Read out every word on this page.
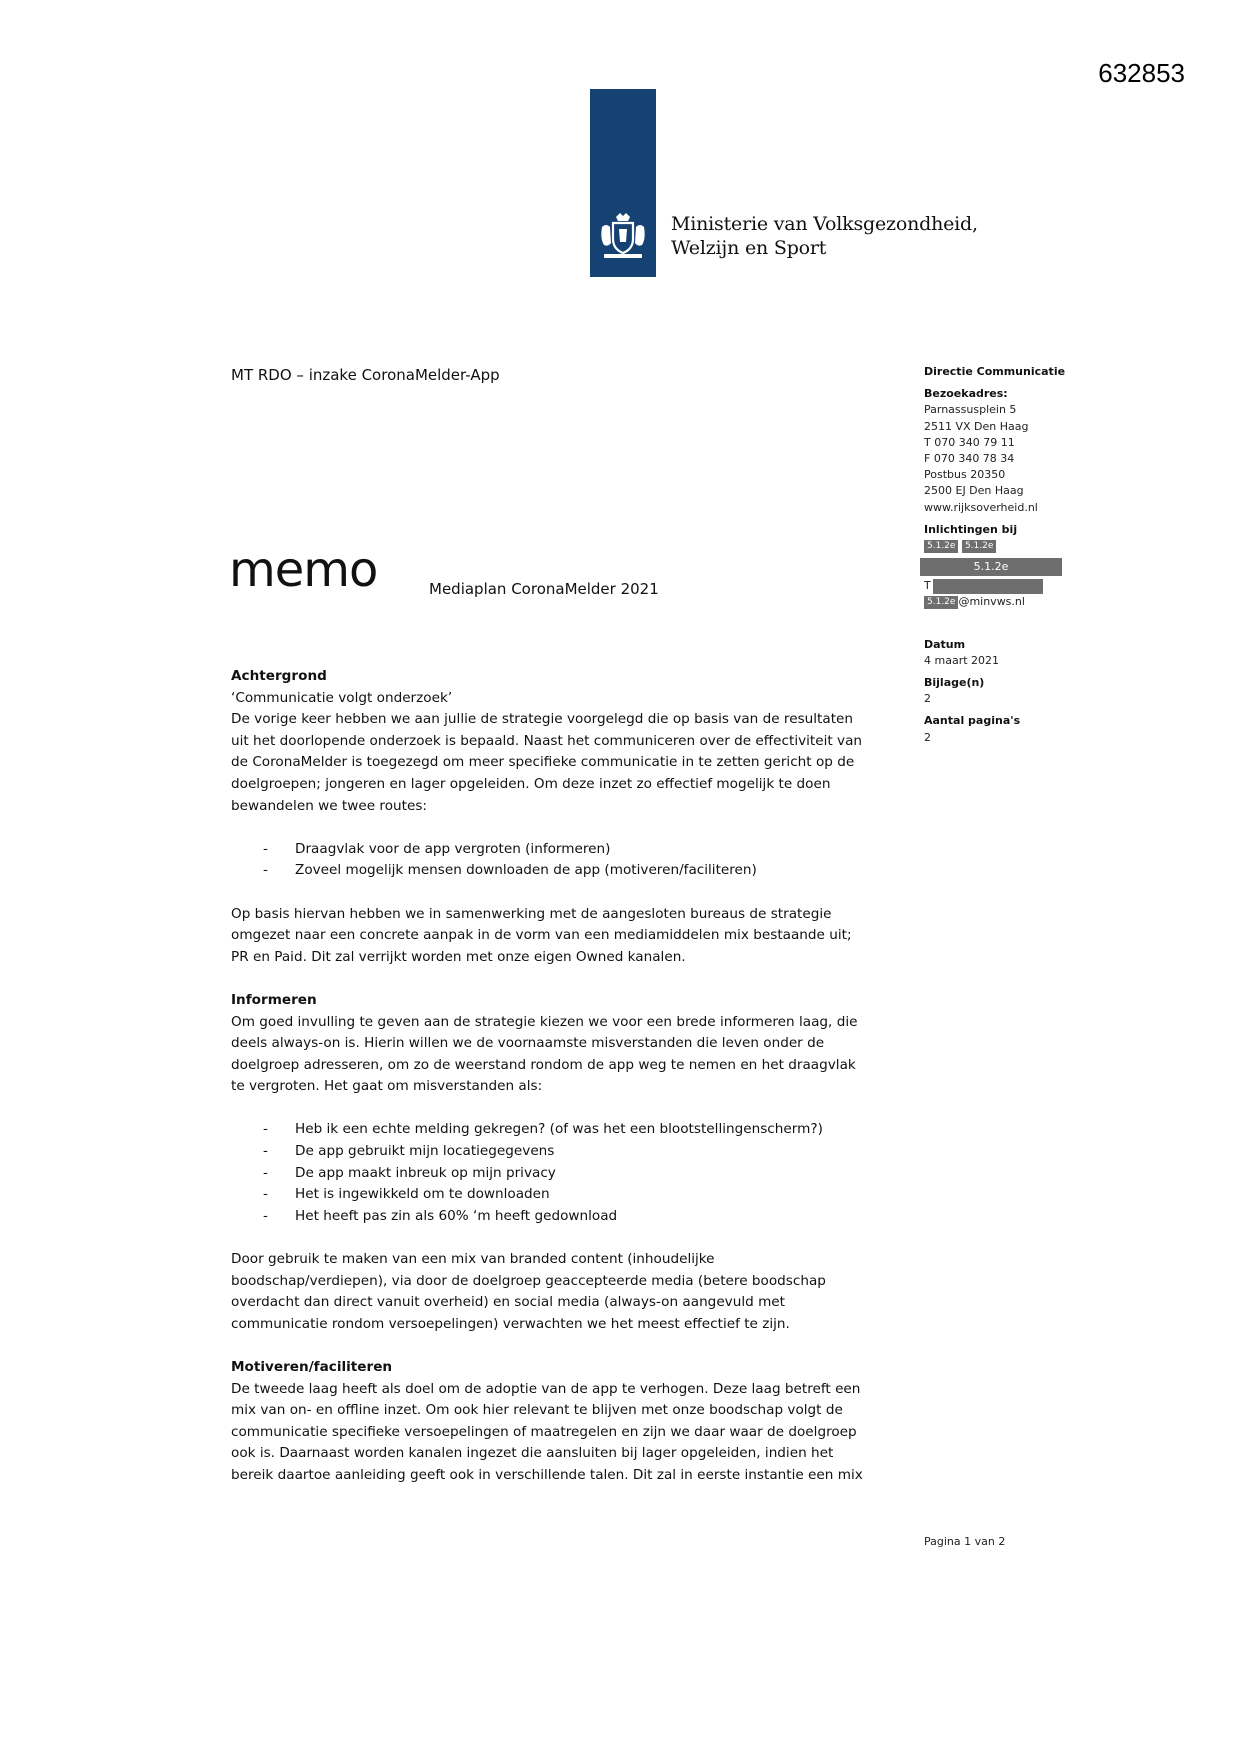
632853
Ministerie van Volksgezondheid,
Welzijn en Sport
MT RDO – inzake CoronaMelder-App
memo	Mediaplan CoronaMelder 2021
Directie Communicatie
Bezoekadres:
Parnassusplein 5
2511 VX Den Haag
T 070 340 79 11
F 070 340 78 34
Postbus 20350
2500 EJ Den Haag
www.rijksoverheid.nl
Inlichtingen bij
5.1.2e 5.1.2e
5.1.2e
T
5.1.2e @minvws.nl
Datum
4 maart 2021
Bijlage(n)
2
Aantal pagina's
2

Achtergrond

‘Communicatie volgt onderzoek’

De vorige keer hebben we aan jullie de strategie voorgelegd die op basis van de resultaten

uit het doorlopende onderzoek is bepaald. Naast het communiceren over de effectiviteit van

de CoronaMelder is toegezegd om meer specifieke communicatie in te zetten gericht op de

doelgroepen; jongeren en lager opgeleiden. Om deze inzet zo effectief mogelijk te doen

bewandelen we twee routes:

- Draagvlak voor de app vergroten (informeren)
- Zoveel mogelijk mensen downloaden de app (motiveren/faciliteren)

Op basis hiervan hebben we in samenwerking met de aangesloten bureaus de strategie

omgezet naar een concrete aanpak in de vorm van een mediamiddelen mix bestaande uit;

PR en Paid. Dit zal verrijkt worden met onze eigen Owned kanalen.

Informeren

Om goed invulling te geven aan de strategie kiezen we voor een brede informeren laag, die

deels always-on is. Hierin willen we de voornaamste misverstanden die leven onder de

doelgroep adresseren, om zo de weerstand rondom de app weg te nemen en het draagvlak

te vergroten. Het gaat om misverstanden als:

- Heb ik een echte melding gekregen? (of was het een blootstellingenscherm?)
- De app gebruikt mijn locatiegegevens
- De app maakt inbreuk op mijn privacy
- Het is ingewikkeld om te downloaden
- Het heeft pas zin als 60% ‘m heeft gedownload

Door gebruik te maken van een mix van branded content (inhoudelijke

boodschap/verdiepen), via door de doelgroep geaccepteerde media (betere boodschap

overdacht dan direct vanuit overheid) en social media (always-on aangevuld met

communicatie rondom versoepelingen) verwachten we het meest effectief te zijn.

Motiveren/faciliteren

De tweede laag heeft als doel om de adoptie van de app te verhogen. Deze laag betreft een

mix van on- en offline inzet. Om ook hier relevant te blijven met onze boodschap volgt de

communicatie specifieke versoepelingen of maatregelen en zijn we daar waar de doelgroep

ook is. Daarnaast worden kanalen ingezet die aansluiten bij lager opgeleiden, indien het

bereik daartoe aanleiding geeft ook in verschillende talen. Dit zal in eerste instantie een mix

Pagina 1 van 2
